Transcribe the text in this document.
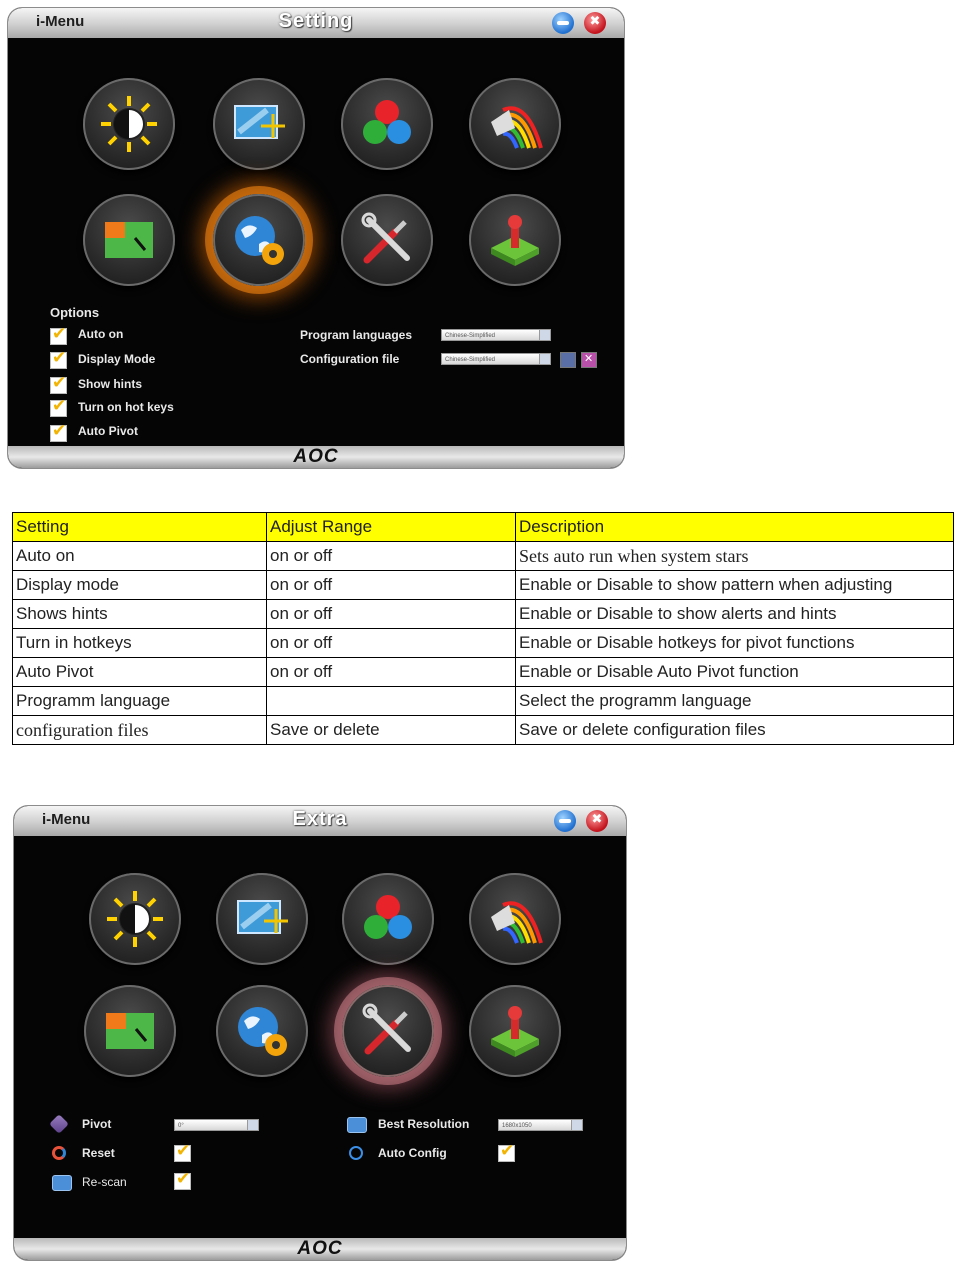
i-Menu	Setting
✖
Options
✔
Auto on
✔
Display Mode
✔
Show hints
✔
Turn on hot keys
✔
Auto Pivot
Program languages	Chinese-Simplified
Configuration file	Chinese-Simplified
✕
AOC
Setting	Adjust Range	Description
Auto on	on or off	Sets auto run when system stars
Display mode	on or off	Enable or Disable to show pattern when adjusting
Shows hints	on or off	Enable or Disable to show alerts and hints
Turn in hotkeys	on or off	Enable or Disable hotkeys for pivot functions
Auto Pivot	on or off	Enable or Disable Auto Pivot function
Programm language		Select the programm language
configuration files	Save or delete	Save or delete configuration files
i-Menu	Extra
✖
Pivot	0°
Reset
✔
Re-scan
✔
Best Resolution	1680x1050
Auto Config
✔
AOC
